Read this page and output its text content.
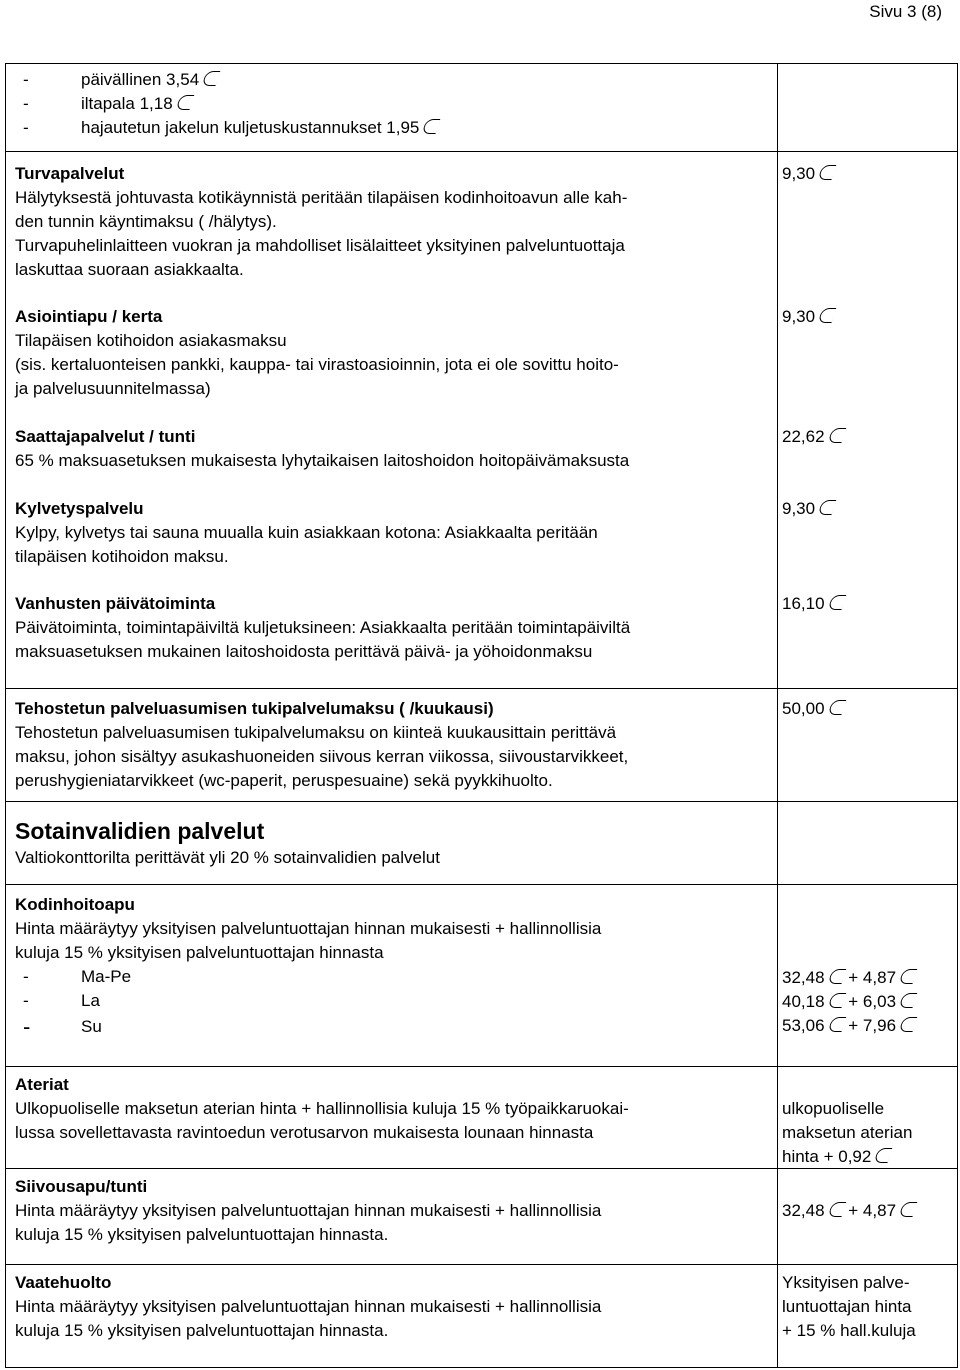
Sivu 3 (8)
- päivällinen 3,54
- iltapala 1,18
- hajautetun jakelun kuljetuskustannukset 1,95
Turvapalvelut
Hälytyksestä johtuvasta kotikäynnistä peritään tilapäisen kodinhoitoavun alle kah-
den tunnin käyntimaksu ( /hälytys).
Turvapuhelinlaitteen vuokran ja mahdolliset lisälaitteet yksityinen palveluntuottaja
laskuttaa suoraan asiakkaalta.
9,30
Asiointiapu / kerta
Tilapäisen kotihoidon asiakasmaksu
(sis. kertaluonteisen pankki, kauppa- tai virastoasioinnin, jota ei ole sovittu hoito-
ja palvelusuunnitelmassa)
9,30
Saattajapalvelut / tunti
65 % maksuasetuksen mukaisesta lyhytaikaisen laitoshoidon hoitopäivämaksusta
22,62
Kylvetyspalvelu
Kylpy, kylvetys tai sauna muualla kuin asiakkaan kotona: Asiakkaalta peritään
tilapäisen kotihoidon maksu.
9,30
Vanhusten päivätoiminta
Päivätoiminta, toimintapäiviltä kuljetuksineen: Asiakkaalta peritään toimintapäiviltä
maksuasetuksen mukainen laitoshoidosta perittävä päivä- ja yöhoidonmaksu
16,10
Tehostetun palveluasumisen tukipalvelumaksu ( /kuukausi)
Tehostetun palveluasumisen tukipalvelumaksu on kiinteä kuukausittain perittävä
maksu, johon sisältyy asukashuoneiden siivous kerran viikossa, siivoustarvikkeet,
perushygieniatarvikkeet (wc-paperit, peruspesuaine) sekä pyykkihuolto.
50,00
Sotainvalidien palvelut
Valtiokonttorilta perittävät yli 20 % sotainvalidien palvelut
Kodinhoitoapu
Hinta määräytyy yksityisen palveluntuottajan hinnan mukaisesti + hallinnollisia
kuluja 15 % yksityisen palveluntuottajan hinnasta
- Ma-Pe
- La
- Su
32,48 + 4,87
40,18 + 6,03
53,06 + 7,96
Ateriat
Ulkopuoliselle maksetun aterian hinta + hallinnollisia kuluja 15 % työpaikkaruokai-
lussa sovellettavasta ravintoedun verotusarvon mukaisesta lounaan hinnasta
ulkopuoliselle
maksetun aterian
hinta + 0,92
Siivousapu/tunti
Hinta määräytyy yksityisen palveluntuottajan hinnan mukaisesti + hallinnollisia
kuluja 15 % yksityisen palveluntuottajan hinnasta.
32,48 + 4,87
Vaatehuolto
Hinta määräytyy yksityisen palveluntuottajan hinnan mukaisesti + hallinnollisia
kuluja 15 % yksityisen palveluntuottajan hinnasta.
Yksityisen palve-
luntuottajan hinta
+ 15 % hall.kuluja
